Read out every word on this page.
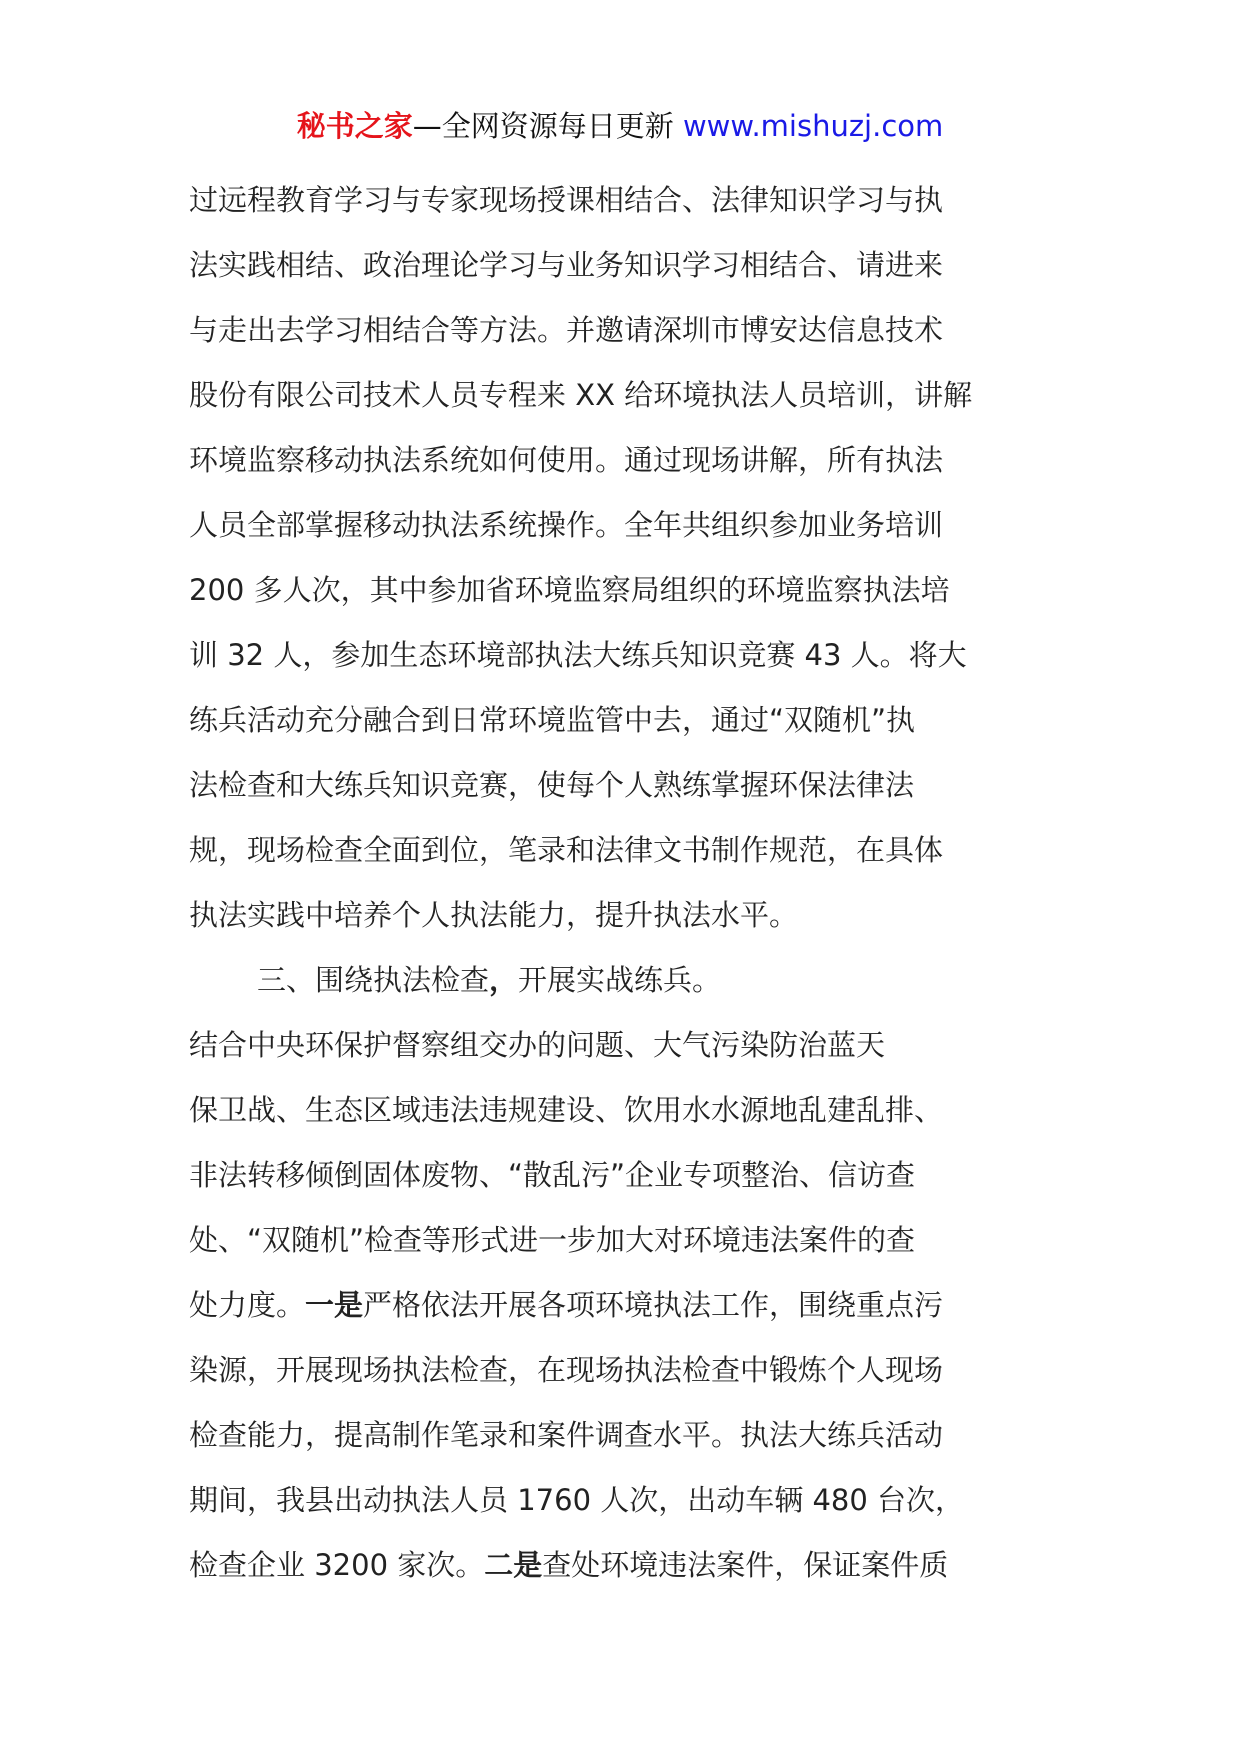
秘书之家—全网资源每日更新 www.mishuzj.com
过远程教育学习与专家现场授课相结合、法律知识学习与执
法实践相结、政治理论学习与业务知识学习相结合、请进来
与走出去学习相结合等方法。并邀请深圳市博安达信息技术
股份有限公司技术人员专程来 XX 给环境执法人员培训，讲解
环境监察移动执法系统如何使用。通过现场讲解，所有执法
人员全部掌握移动执法系统操作。全年共组织参加业务培训
200 多人次，其中参加省环境监察局组织的环境监察执法培
训 32 人，参加生态环境部执法大练兵知识竞赛 43 人。将大
练兵活动充分融合到日常环境监管中去，通过“双随机”执
法检查和大练兵知识竞赛，使每个人熟练掌握环保法律法
规，现场检查全面到位，笔录和法律文书制作规范，在具体
执法实践中培养个人执法能力，提升执法水平。
三、围绕执法检查，开展实战练兵。
结合中央环保护督察组交办的问题、大气污染防治蓝天
保卫战、生态区域违法违规建设、饮用水水源地乱建乱排、
非法转移倾倒固体废物、“散乱污”企业专项整治、信访查
处、“双随机”检查等形式进一步加大对环境违法案件的查
处力度。一是严格依法开展各项环境执法工作，围绕重点污
染源，开展现场执法检查，在现场执法检查中锻炼个人现场
检查能力，提高制作笔录和案件调查水平。执法大练兵活动
期间，我县出动执法人员 1760 人次，出动车辆 480 台次，
检查企业 3200 家次。二是查处环境违法案件，保证案件质
